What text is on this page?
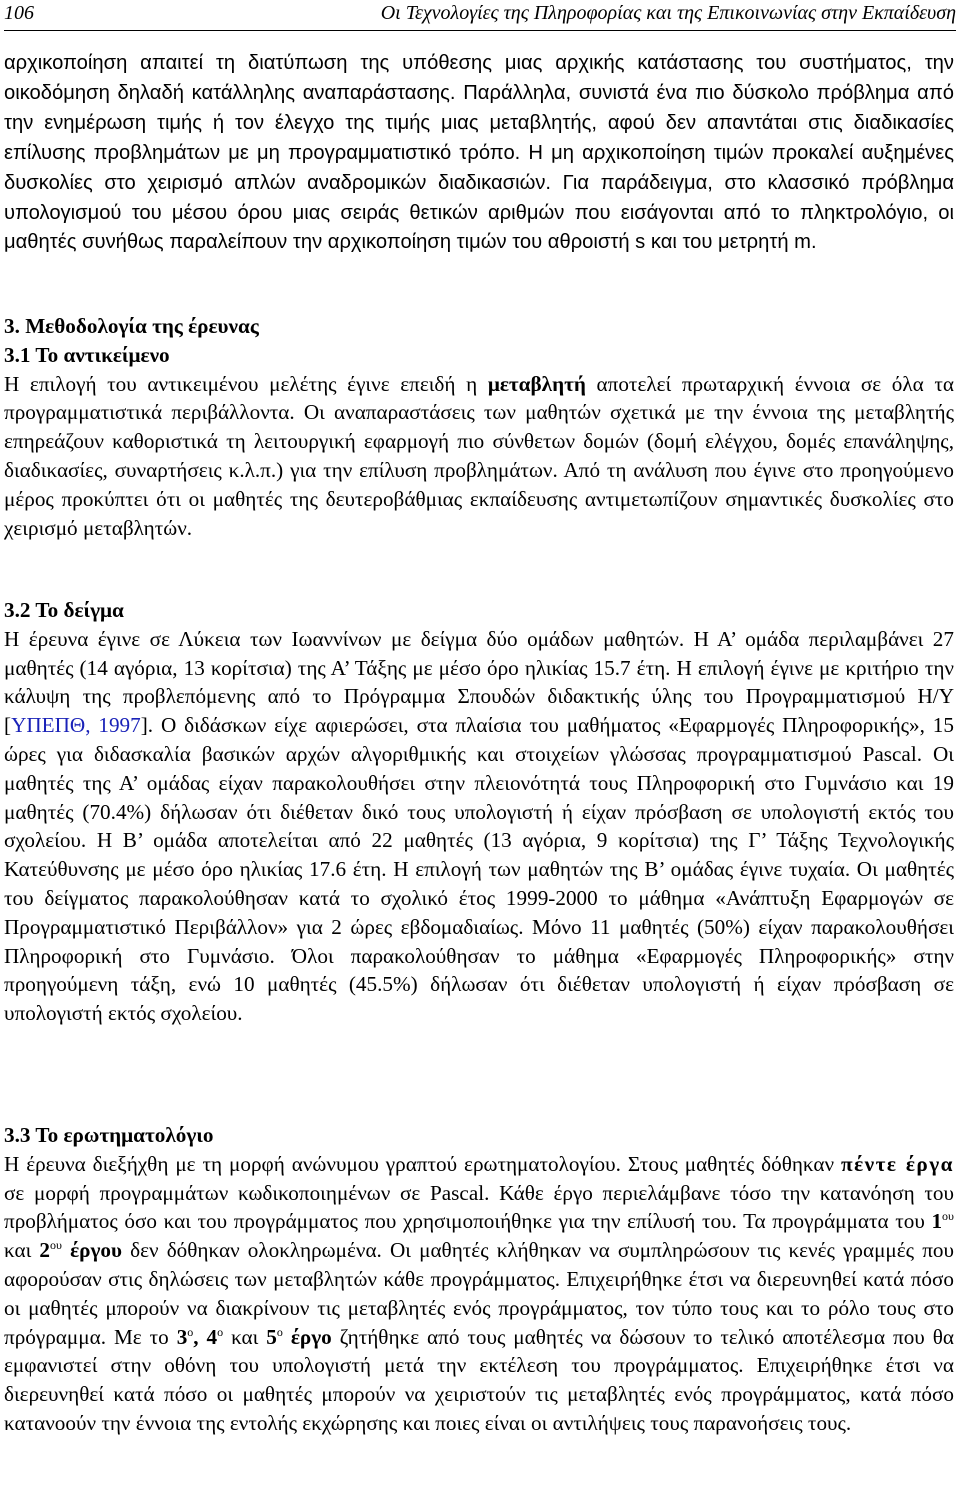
106	Οι Τεχνολογίες της Πληροφορίας και της Επικοινωνίας στην Εκπαίδευση

αρχικοποίηση απαιτεί τη διατύπωση της υπόθεσης μιας αρχικής κατάστασης του συστήματος, την οικοδόμηση δηλαδή κατάλληλης αναπαράστασης. Παράλληλα, συνιστά ένα πιο δύσκολο πρόβλημα από την ενημέρωση τιμής ή τον έλεγχο της τιμής μιας μεταβλητής, αφού δεν απαντάται στις διαδικασίες επίλυσης προβλημάτων με μη προγραμματιστικό τρόπο. Η μη αρχικοποίηση τιμών προκαλεί αυξημένες δυσκολίες στο χειρισμό απλών αναδρομικών διαδικασιών. Για παράδειγμα, στο κλασσικό πρόβλημα υπολογισμού του μέσου όρου μιας σειράς θετικών αριθμών που εισάγονται από το πληκτρολόγιο, οι μαθητές συνήθως παραλείπουν την αρχικοποίηση τιμών του αθροιστή s και του μετρητή m.

3. Μεθοδολογία της έρευνας
3.1 Το αντικείμενο

Η επιλογή του αντικειμένου μελέτης έγινε επειδή η μεταβλητή αποτελεί πρωταρχική έννοια σε όλα τα προγραμματιστικά περιβάλλοντα. Οι αναπαραστάσεις των μαθητών σχετικά με την έννοια της μεταβλητής επηρεάζουν καθοριστικά τη λειτουργική εφαρμογή πιο σύνθετων δομών (δομή ελέγχου, δομές επανάληψης, διαδικασίες, συναρτήσεις κ.λ.π.) για την επίλυση προβλημάτων. Από τη ανάλυση που έγινε στο προηγούμενο μέρος προκύπτει ότι οι μαθητές της δευτεροβάθμιας εκπαίδευσης αντιμετωπίζουν σημαντικές δυσκολίες στο χειρισμό μεταβλητών.

3.2 Το δείγμα

Η έρευνα έγινε σε Λύκεια των Ιωαννίνων με δείγμα δύο ομάδων μαθητών. Η Α’ ομάδα περιλαμβάνει 27 μαθητές (14 αγόρια, 13 κορίτσια) της Α’ Τάξης με μέσο όρο ηλικίας 15.7 έτη. Η επιλογή έγινε με κριτήριο την κάλυψη της προβλεπόμενης από το Πρόγραμμα Σπουδών διδακτικής ύλης του Προγραμματισμού Η/Υ [ΥΠΕΠΘ, 1997]. Ο διδάσκων είχε αφιερώσει, στα πλαίσια του μαθήματος «Εφαρμογές Πληροφορικής», 15 ώρες για διδασκαλία βασικών αρχών αλγοριθμικής και στοιχείων γλώσσας προγραμματισμού Pascal. Οι μαθητές της Α’ ομάδας είχαν παρακολουθήσει στην πλειονότητά τους Πληροφορική στο Γυμνάσιο και 19 μαθητές (70.4%) δήλωσαν ότι διέθεταν δικό τους υπολογιστή ή είχαν πρόσβαση σε υπολογιστή εκτός του σχολείου. Η Β’ ομάδα αποτελείται από 22 μαθητές (13 αγόρια, 9 κορίτσια) της Γ’ Τάξης Τεχνολογικής Κατεύθυνσης με μέσο όρο ηλικίας 17.6 έτη. Η επιλογή των μαθητών της Β’ ομάδας έγινε τυχαία. Οι μαθητές του δείγματος παρακολούθησαν κατά το σχολικό έτος 1999-2000 το μάθημα «Ανάπτυξη Εφαρμογών σε Προγραμματιστικό Περιβάλλον» για 2 ώρες εβδομαδιαίως. Μόνο 11 μαθητές (50%) είχαν παρακολουθήσει Πληροφορική στο Γυμνάσιο. Όλοι παρακολούθησαν το μάθημα «Εφαρμογές Πληροφορικής» στην προηγούμενη τάξη, ενώ 10 μαθητές (45.5%) δήλωσαν ότι διέθεταν υπολογιστή ή είχαν πρόσβαση σε υπολογιστή εκτός σχολείου.

3.3 Το ερωτηματολόγιο

Η έρευνα διεξήχθη με τη μορφή ανώνυμου γραπτού ερωτηματολογίου. Στους μαθητές δόθηκαν πέντε έργα σε μορφή προγραμμάτων κωδικοποιημένων σε Pascal. Κάθε έργο περιελάμβανε τόσο την κατανόηση του προβλήματος όσο και του προγράμματος που χρησιμοποιήθηκε για την επίλυσή του. Τα προγράμματα του $1^{o\upsilon}$ και $2^{o\upsilon}$ έργου δεν δόθηκαν ολοκληρωμένα. Οι μαθητές κλήθηκαν να συμπληρώσουν τις κενές γραμμές που αφορούσαν στις δηλώσεις των μεταβλητών κάθε προγράμματος. Επιχειρήθηκε έτσι να διερευνηθεί κατά πόσο οι μαθητές μπορούν να διακρίνουν τις μεταβλητές ενός προγράμματος, τον τύπο τους και το ρόλο τους στο πρόγραμμα. Με το $3^o$, $4^o$ και $5^o$ έργο ζητήθηκε από τους μαθητές να δώσουν το τελικό αποτέλεσμα που θα εμφανιστεί στην οθόνη του υπολογιστή μετά την εκτέλεση του προγράμματος. Επιχειρήθηκε έτσι να διερευνηθεί κατά πόσο οι μαθητές μπορούν να χειριστούν τις μεταβλητές ενός προγράμματος, κατά πόσο κατανοούν την έννοια της εντολής εκχώρησης και ποιες είναι οι αντιλήψεις τους παρανοήσεις τους.
